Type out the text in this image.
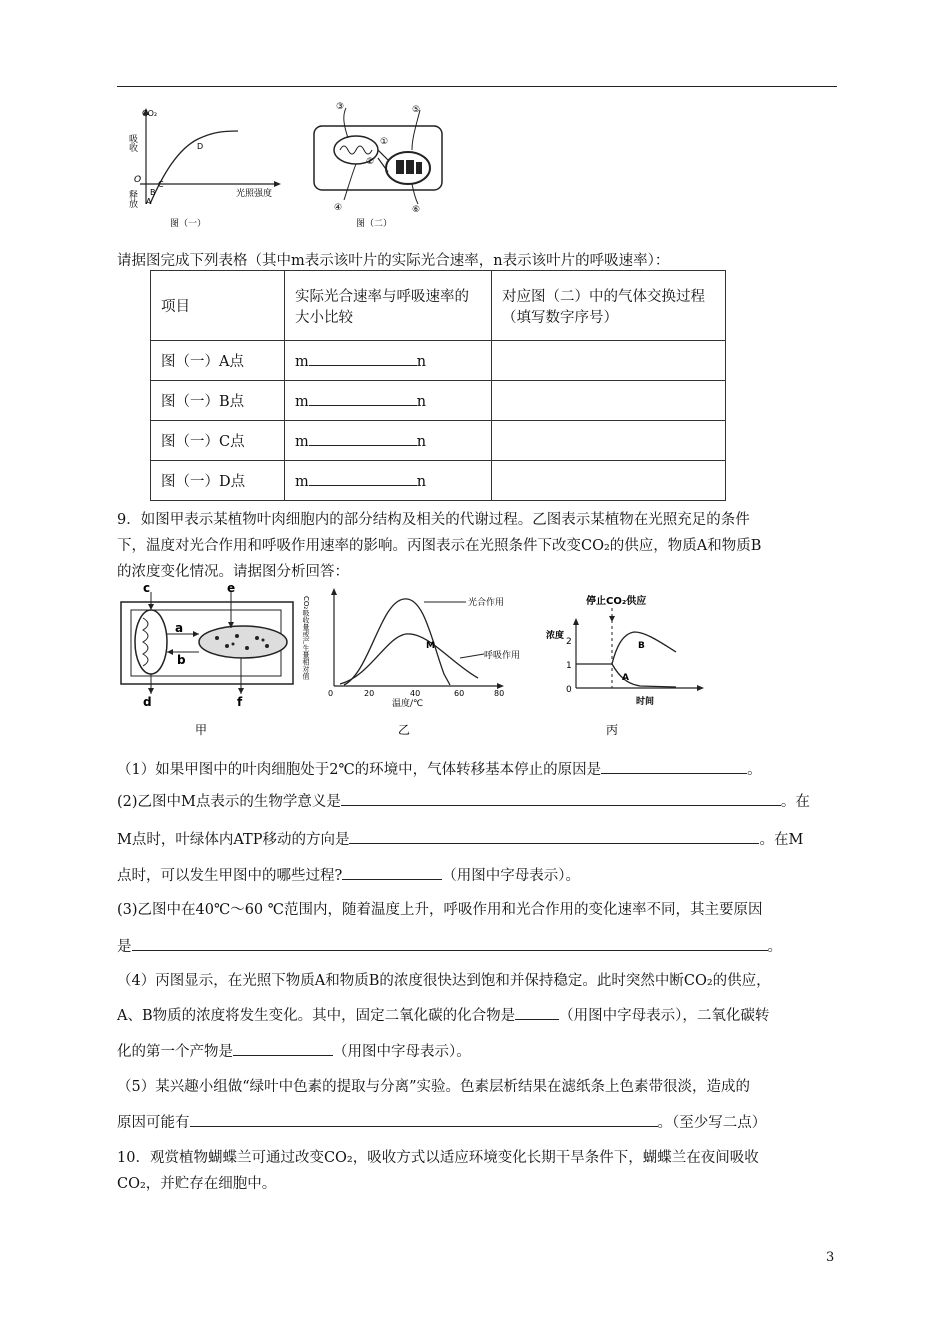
CO₂
吸收
释放
O
光照强度
A
B
C
D
图（一）
③	⑤
①
②
④	⑥
图（二）

请据图完成下列表格（其中m表示该叶片的实际光合速率，n表示该叶片的呼吸速率）：

项目	实际光合速率与呼吸速率的大小比较	对应图（二）中的气体交换过程（填写数字序号）
图（一）A点	m n	
图（一）B点	m n	
图（一）C点	m n	
图（一）D点	m n	

9．如图甲表示某植物叶肉细胞内的部分结构及相关的代谢过程。乙图表示某植物在光照充足的条件

下，温度对光合作用和呼吸作用速率的影响。丙图表示在光照条件下改变CO₂的供应，物质A和物质B

的浓度变化情况。请据图分析回答：

c	e
a
b
d	f
甲
CO₂吸收量或产生量相对值	光合作用
呼吸作用
M
0	20	40	60	80
温度/℃
乙
停止CO₂供应
浓度
0
1
2	B
A
时间
丙

（1）如果甲图中的叶肉细胞处于2℃的环境中，气体转移基本停止的原因是	。

(2)乙图中M点表示的生物学意义是	。在

M点时，叶绿体内ATP移动的方向是	。在M

点时，可以发生甲图中的哪些过程?	（用图中字母表示）。

(3)乙图中在40℃～60 ℃范围内，随着温度上升，呼吸作用和光合作用的变化速率不同，其主要原因

是	。

（4）丙图显示，在光照下物质A和物质B的浓度很快达到饱和并保持稳定。此时突然中断CO₂的供应，

A、B物质的浓度将发生变化。其中，固定二氧化碳的化合物是	（用图中字母表示），二氧化碳转

化的第一个产物是	（用图中字母表示）。

（5）某兴趣小组做“绿叶中色素的提取与分离”实验。色素层析结果在滤纸条上色素带很淡，造成的

原因可能有	。（至少写二点）

10．观赏植物蝴蝶兰可通过改变CO₂，吸收方式以适应环境变化长期干旱条件下，蝴蝶兰在夜间吸收

CO₂，并贮存在细胞中。

3
